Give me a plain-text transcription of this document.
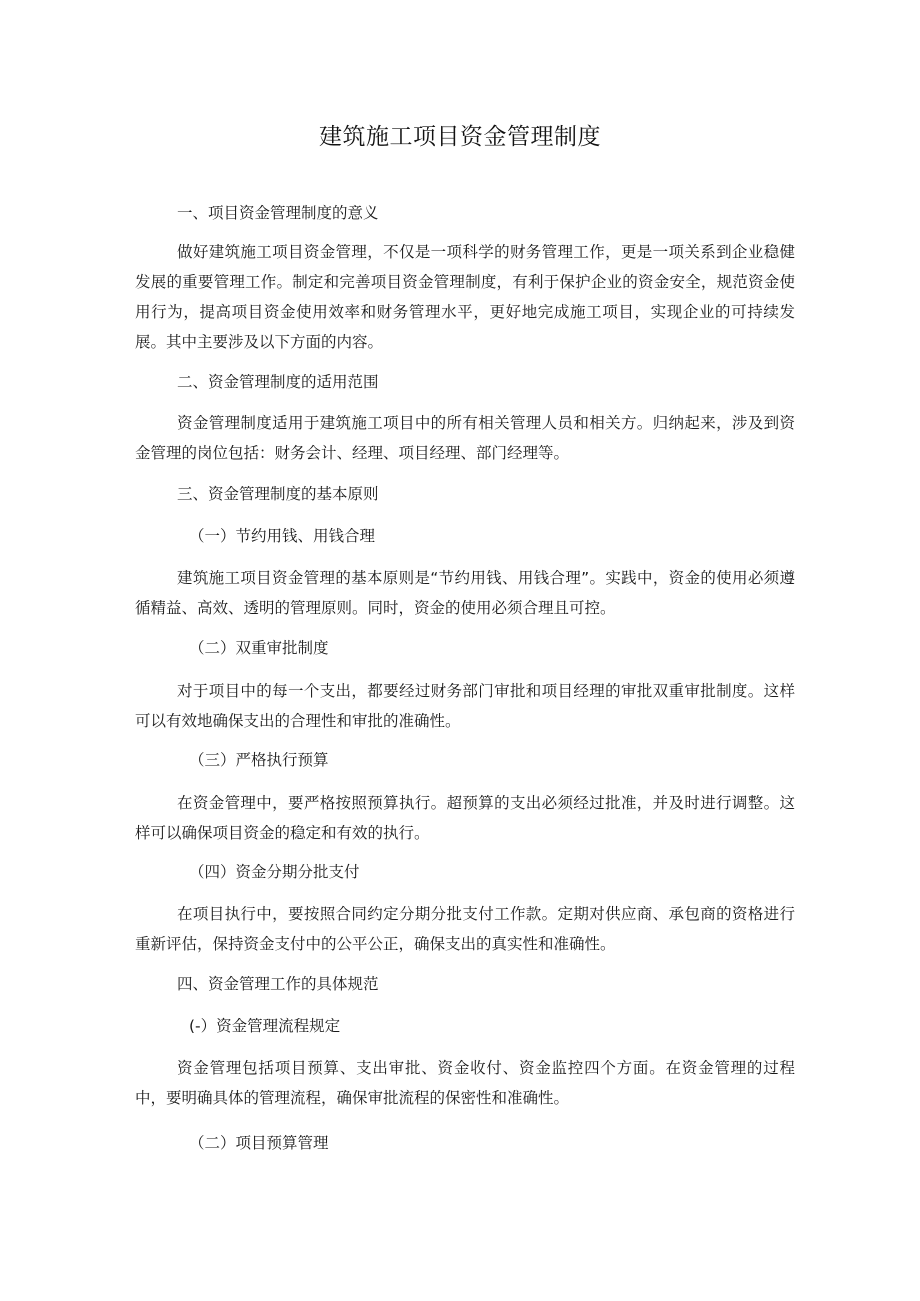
建筑施工项目资金管理制度

一、项目资金管理制度的意义

做好建筑施工项目资金管理，不仅是一项科学的财务管理工作，更是一项关系到企业稳健发展的重要管理工作。制定和完善项目资金管理制度，有利于保护企业的资金安全，规范资金使用行为，提高项目资金使用效率和财务管理水平，更好地完成施工项目，实现企业的可持续发展。其中主要涉及以下方面的内容。

二、资金管理制度的适用范围

资金管理制度适用于建筑施工项目中的所有相关管理人员和相关方。归纳起来，涉及到资金管理的岗位包括：财务会计、经理、项目经理、部门经理等。

三、资金管理制度的基本原则

（一）节约用钱、用钱合理

建筑施工项目资金管理的基本原则是“节约用钱、用钱合理”。实践中，资金的使用必须遵循精益、高效、透明的管理原则。同时，资金的使用必须合理且可控。

（二）双重审批制度

对于项目中的每一个支出，都要经过财务部门审批和项目经理的审批双重审批制度。这样可以有效地确保支出的合理性和审批的准确性。

（三）严格执行预算

在资金管理中，要严格按照预算执行。超预算的支出必须经过批准，并及时进行调整。这样可以确保项目资金的稳定和有效的执行。

（四）资金分期分批支付

在项目执行中，要按照合同约定分期分批支付工作款。定期对供应商、承包商的资格进行重新评估，保持资金支付中的公平公正，确保支出的真实性和准确性。

四、资金管理工作的具体规范

(-）资金管理流程规定

资金管理包括项目预算、支出审批、资金收付、资金监控四个方面。在资金管理的过程中，要明确具体的管理流程，确保审批流程的保密性和准确性。

（二）项目预算管理
